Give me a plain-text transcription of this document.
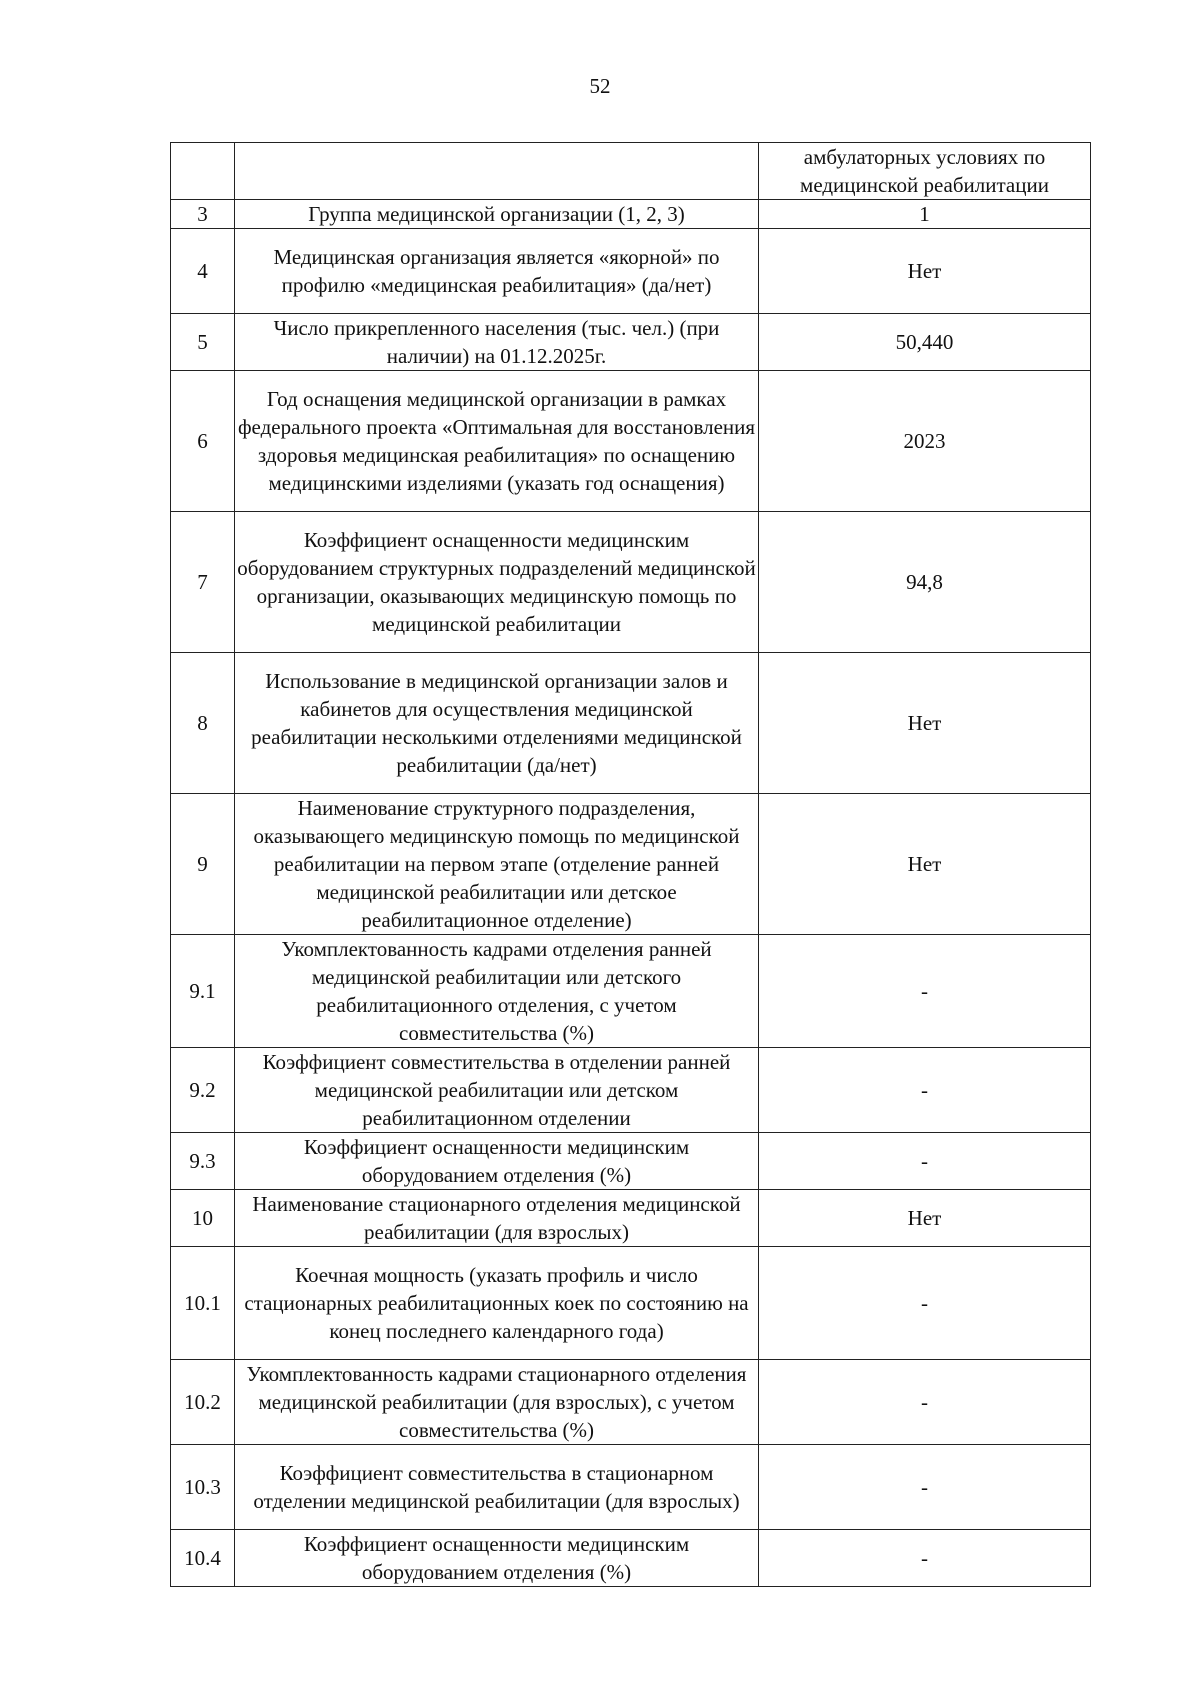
52

		амбулаторных условиях по медицинской реабилитации

3	Группа медицинской организации (1, 2, 3)	1

4	Медицинская организация является «якорной» по профилю «медицинская реабилитация» (да/нет)	Нет

5	Число прикрепленного населения (тыс. чел.) (при наличии) на 01.12.2025г.	50,440

6	Год оснащения медицинской организации в рамках федерального проекта «Оптимальная для восстановления здоровья медицинская реабилитация» по оснащению медицинскими изделиями (указать год оснащения)	2023

7	Коэффициент оснащенности медицинским оборудованием структурных подразделений медицинской организации, оказывающих медицинскую помощь по медицинской реабилитации	94,8

8	Использование в медицинской организации залов и кабинетов для осуществления медицинской реабилитации несколькими отделениями медицинской реабилитации (да/нет)	Нет

9	Наименование структурного подразделения, оказывающего медицинскую помощь по медицинской реабилитации на первом этапе (отделение ранней медицинской реабилитации или детское реабилитационное отделение)	Нет

9.1	Укомплектованность кадрами отделения ранней медицинской реабилитации или детского реабилитационного отделения, с учетом совместительства (%)	-

9.2	Коэффициент совместительства в отделении ранней медицинской реабилитации или детском реабилитационном отделении	-

9.3	Коэффициент оснащенности медицинским оборудованием отделения (%)	-

10	Наименование стационарного отделения медицинской реабилитации (для взрослых)	Нет

10.1	Коечная мощность (указать профиль и число стационарных реабилитационных коек по состоянию на конец последнего календарного года)	-

10.2	Укомплектованность кадрами стационарного отделения медицинской реабилитации (для взрослых), с учетом совместительства (%)	-

10.3	Коэффициент совместительства в стационарном отделении медицинской реабилитации (для взрослых)	-

10.4	Коэффициент оснащенности медицинским оборудованием отделения (%)	-
